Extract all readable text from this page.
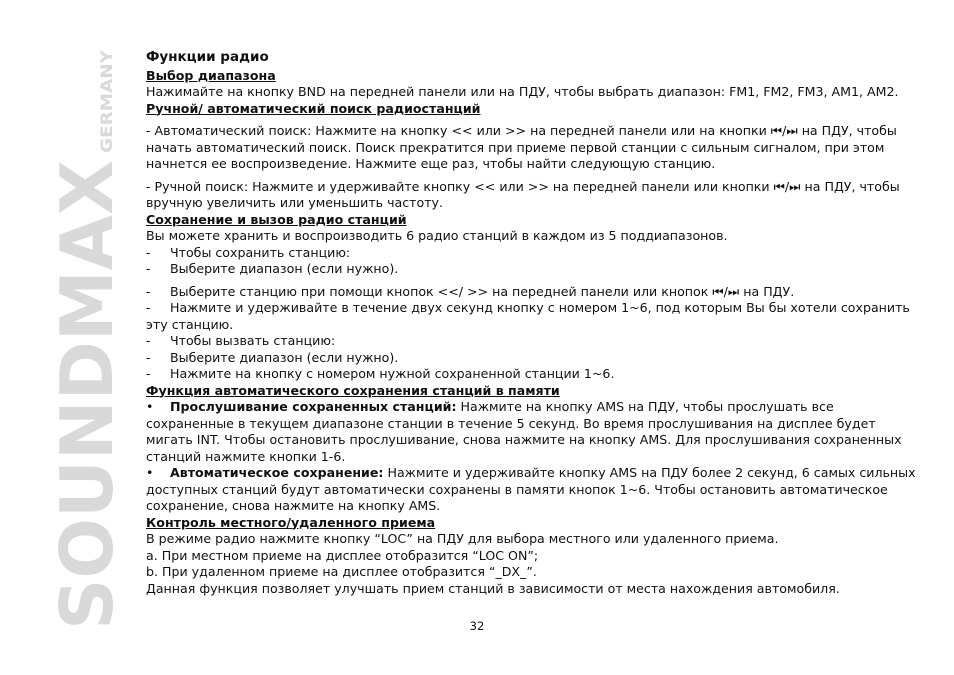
SOUNDMAX
GERMANY

Функции радио

Выбор диапазона

Нажимайте на кнопку BND на передней панели или на ПДУ, чтобы выбрать диапазон: FM1, FM2, FM3, AM1, AM2.

Ручной/ автоматический поиск радиостанций

- Автоматический поиск: Нажмите на кнопку << или >> на передней панели или на кнопки ⏮/⏭ на ПДУ, чтобы начать автоматический поиск. Поиск прекратится при приеме первой станции с сильным сигналом, при этом начнется ее воспроизведение. Нажмите еще раз, чтобы найти следующую станцию.

- Ручной поиск: Нажмите и удерживайте кнопку << или >> на передней панели или кнопки ⏮/⏭ на ПДУ, чтобы вручную увеличить или уменьшить частоту.

Сохранение и вызов радио станций

Вы можете хранить и воспроизводить 6 радио станций в каждом из 5 поддиапазонов.

-	Чтобы сохранить станцию:
-	Выберите диапазон (если нужно).
-	Выберите станцию при помощи кнопок <</ >> на передней панели или кнопок ⏮/⏭ на ПДУ.

- Нажмите и удерживайте в течение двух секунд кнопку с номером 1~6, под которым Вы бы хотели сохранить эту станцию.

-	Чтобы вызвать станцию:
-	Выберите диапазон (если нужно).
-	Нажмите на кнопку с номером нужной сохраненной станции 1~6.

Функция автоматического сохранения станций в памяти

• Прослушивание сохраненных станций: Нажмите на кнопку AMS на ПДУ, чтобы прослушать все сохраненные в текущем диапазоне станции в течение 5 секунд. Во время прослушивания на дисплее будет мигать INT. Чтобы остановить прослушивание, снова нажмите на кнопку AMS. Для прослушивания сохраненных станций нажмите кнопки 1-6.

• Автоматическое сохранение: Нажмите и удерживайте кнопку AMS на ПДУ более 2 секунд, 6 самых сильных доступных станций будут автоматически сохранены в памяти кнопок 1~6. Чтобы остановить автоматическое сохранение, снова нажмите на кнопку AMS.

Контроль местного/удаленного приема

В режиме радио нажмите кнопку “LOC” на ПДУ для выбора местного или удаленного приема.

a. При местном приеме на дисплее отобразится “LOC ON”;

b. При удаленном приеме на дисплее отобразится “_DX_”.

Данная функция позволяет улучшать прием станций в зависимости от места нахождения автомобиля.

32
